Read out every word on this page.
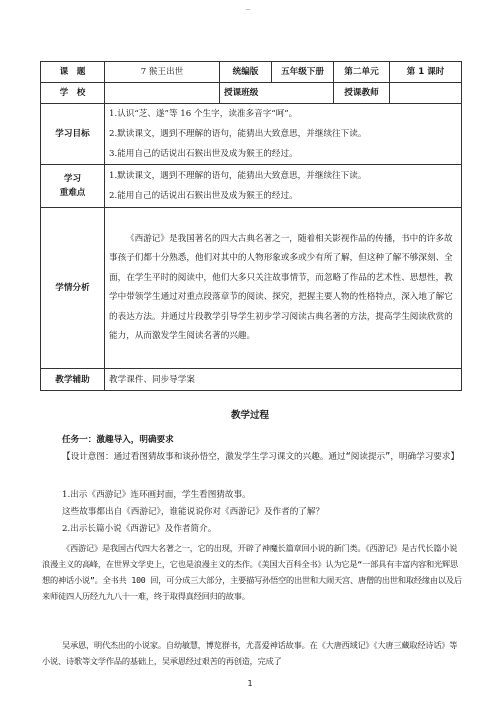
课　题	7 猴王出世	统编版	五年级下册	第二单元	第 1 课时
学　校		授课班级		授课教师	
学习目标	1.认识“芝、遂”等 16 个生字，读准多音字“呵”。
2.默读课文，遇到不理解的语句，能猜出大致意思，并继续往下读。
3.能用自己的话说出石猴出世及成为猴王的经过。				

学习
重难点	1.默读课文，遇到不理解的语句，能猜出大致意思，并继续往下读。
2.能用自己的话说出石猴出世及成为猴王的经过。				

学情分析	《西游记》是我国著名的四大古典名著之一，随着相关影视作品的传播，书中的许多故事孩子们都十分熟悉，他们对其中的人物形象或多或少有所了解，但这种了解不够深刻、全面，在学生平时的阅读中，他们大多只关注故事情节，而忽略了作品的艺术性、思想性，教学中带领学生通过对重点段落章节的阅读、探究，把握主要人物的性格特点，深入地了解它的表达方法。并通过片段教学引导学生初步学习阅读古典名著的方法，提高学生阅读欣赏的能力，从而激发学生阅读名著的兴趣。				
教学辅助	教学课件、同步导学案				
教学过程
任务一：激趣导入，明确要求
【设计意图：通过看图猜故事和谈孙悟空，激发学生学习课文的兴趣。通过“阅读提示”，明确学习要求】
1.出示《西游记》连环画封面，学生看图猜故事。
这些故事都出自《西游记》，谁能说说你对《西游记》及作者的了解？
2.出示长篇小说《西游记》及作者简介。
《西游记》是我国古代四大名著之一，它的出现，开辟了神魔长篇章回小说的新门类。《西游记》是古代长篇小说浪漫主义的高峰，在世界文学史上，它也是浪漫主义的杰作。《美国大百科全书》认为它是“一部具有丰富内容和光辉思想的神话小说”。全书共 100 回，可分成三大部分，主要描写孙悟空的出世和大闹天宫、唐僧的出世和取经缘由以及后来师徒四人历经九九八十一难，终于取得真经回归的故事。
吴承恩，明代杰出的小说家。自幼敏慧，博览群书，尤喜爱神话故事。在《大唐西域记》《大唐三藏取经诗话》等小说、诗歌等文学作品的基础上，吴承恩经过艰苦的再创造，完成了
1
